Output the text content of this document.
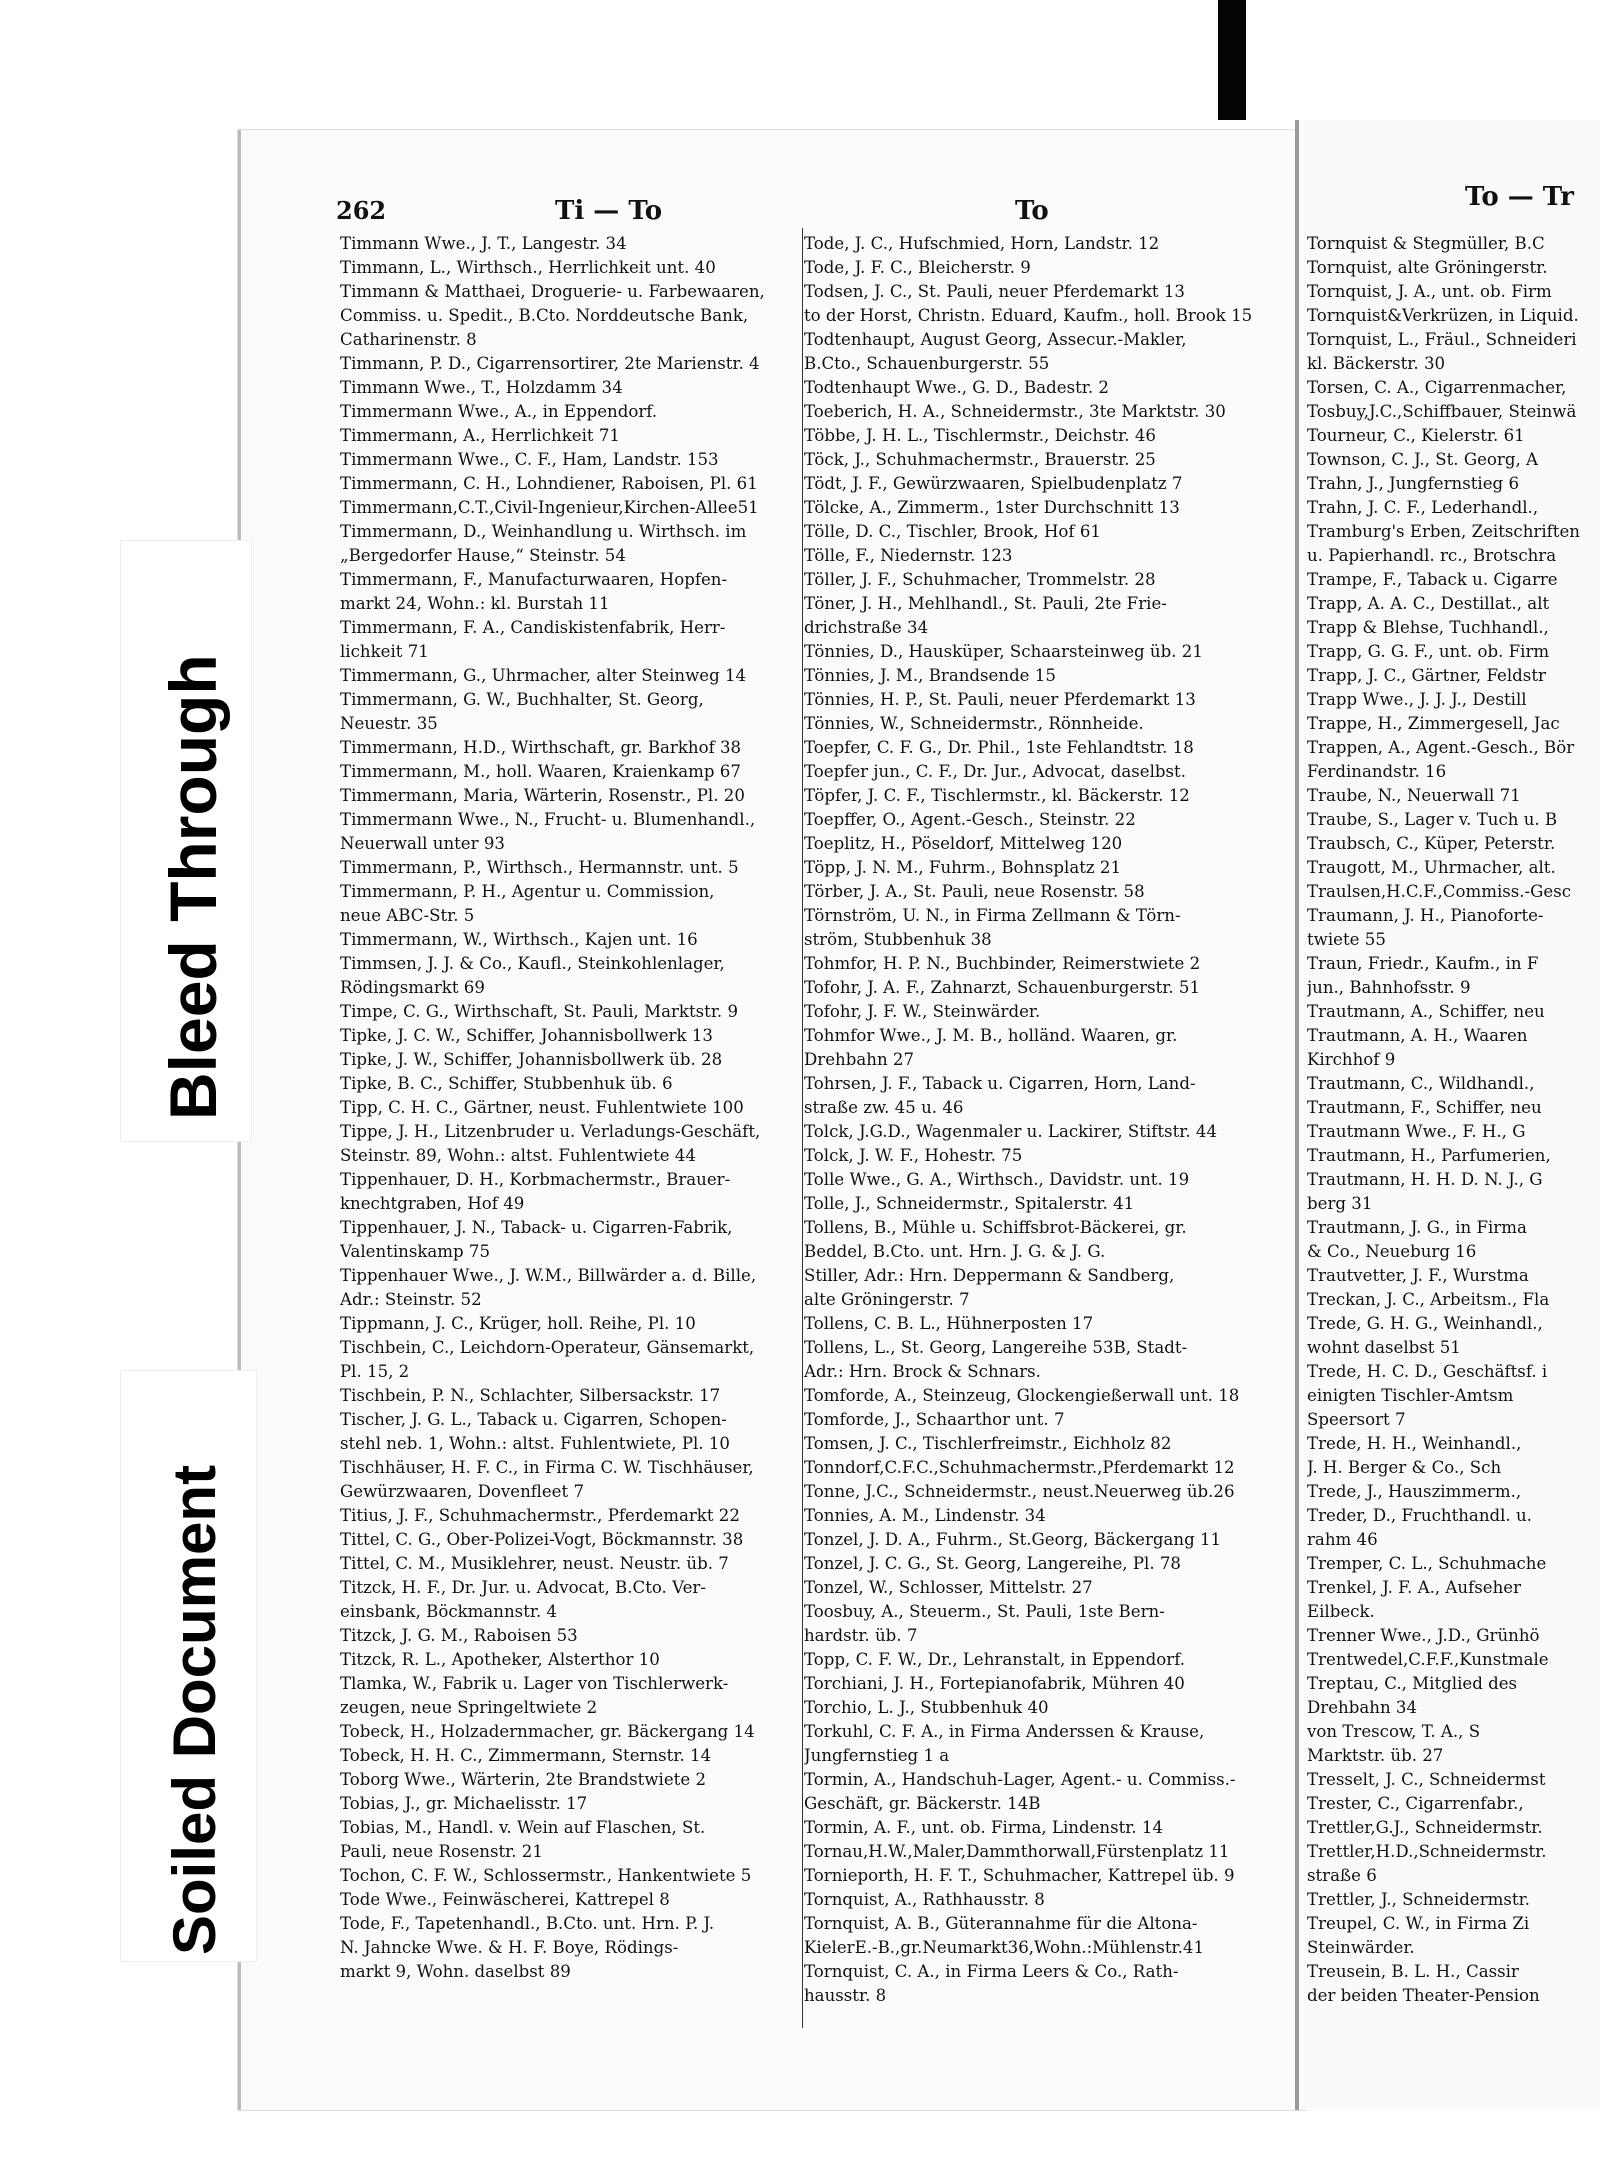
Bleed Through
Soiled Document
262	Ti — To	To	To — Tr
Timmann Wwe., J. T., Langestr. 34
Timmann, L., Wirthsch., Herrlichkeit unt. 40
Timmann & Matthaei, Droguerie- u. Farbewaaren,
Commiss. u. Spedit., B.Cto. Norddeutsche Bank,
Catharinenstr. 8
Timmann, P. D., Cigarrensortirer, 2te Marienstr. 4
Timmann Wwe., T., Holzdamm 34
Timmermann Wwe., A., in Eppendorf.
Timmermann, A., Herrlichkeit 71
Timmermann Wwe., C. F., Ham, Landstr. 153
Timmermann, C. H., Lohndiener, Raboisen, Pl. 61
Timmermann,C.T.,Civil-Ingenieur,Kirchen-Allee51
Timmermann, D., Weinhandlung u. Wirthsch. im
„Bergedorfer Hause,“ Steinstr. 54
Timmermann, F., Manufacturwaaren, Hopfen-
markt 24, Wohn.: kl. Burstah 11
Timmermann, F. A., Candiskistenfabrik, Herr-
lichkeit 71
Timmermann, G., Uhrmacher, alter Steinweg 14
Timmermann, G. W., Buchhalter, St. Georg,
Neuestr. 35
Timmermann, H.D., Wirthschaft, gr. Barkhof 38
Timmermann, M., holl. Waaren, Kraienkamp 67
Timmermann, Maria, Wärterin, Rosenstr., Pl. 20
Timmermann Wwe., N., Frucht- u. Blumenhandl.,
Neuerwall unter 93
Timmermann, P., Wirthsch., Hermannstr. unt. 5
Timmermann, P. H., Agentur u. Commission,
neue ABC-Str. 5
Timmermann, W., Wirthsch., Kajen unt. 16
Timmsen, J. J. & Co., Kaufl., Steinkohlenlager,
Rödingsmarkt 69
Timpe, C. G., Wirthschaft, St. Pauli, Marktstr. 9
Tipke, J. C. W., Schiffer, Johannisbollwerk 13
Tipke, J. W., Schiffer, Johannisbollwerk üb. 28
Tipke, B. C., Schiffer, Stubbenhuk üb. 6
Tipp, C. H. C., Gärtner, neust. Fuhlentwiete 100
Tippe, J. H., Litzenbruder u. Verladungs-Geschäft,
Steinstr. 89, Wohn.: altst. Fuhlentwiete 44
Tippenhauer, D. H., Korbmachermstr., Brauer-
knechtgraben, Hof 49
Tippenhauer, J. N., Taback- u. Cigarren-Fabrik,
Valentinskamp 75
Tippenhauer Wwe., J. W.M., Billwärder a. d. Bille,
Adr.: Steinstr. 52
Tippmann, J. C., Krüger, holl. Reihe, Pl. 10
Tischbein, C., Leichdorn-Operateur, Gänsemarkt,
Pl. 15, 2
Tischbein, P. N., Schlachter, Silbersackstr. 17
Tischer, J. G. L., Taback u. Cigarren, Schopen-
stehl neb. 1, Wohn.: altst. Fuhlentwiete, Pl. 10
Tischhäuser, H. F. C., in Firma C. W. Tischhäuser,
Gewürzwaaren, Dovenfleet 7
Titius, J. F., Schuhmachermstr., Pferdemarkt 22
Tittel, C. G., Ober-Polizei-Vogt, Böckmannstr. 38
Tittel, C. M., Musiklehrer, neust. Neustr. üb. 7
Titzck, H. F., Dr. Jur. u. Advocat, B.Cto. Ver-
einsbank, Böckmannstr. 4
Titzck, J. G. M., Raboisen 53
Titzck, R. L., Apotheker, Alsterthor 10
Tlamka, W., Fabrik u. Lager von Tischlerwerk-
zeugen, neue Springeltwiete 2
Tobeck, H., Holzadernmacher, gr. Bäckergang 14
Tobeck, H. H. C., Zimmermann, Sternstr. 14
Toborg Wwe., Wärterin, 2te Brandstwiete 2
Tobias, J., gr. Michaelisstr. 17
Tobias, M., Handl. v. Wein auf Flaschen, St.
Pauli, neue Rosenstr. 21
Tochon, C. F. W., Schlossermstr., Hankentwiete 5
Tode Wwe., Feinwäscherei, Kattrepel 8
Tode, F., Tapetenhandl., B.Cto. unt. Hrn. P. J.
N. Jahncke Wwe. & H. F. Boye, Rödings-
markt 9, Wohn. daselbst 89
Tode, J. C., Hufschmied, Horn, Landstr. 12
Tode, J. F. C., Bleicherstr. 9
Todsen, J. C., St. Pauli, neuer Pferdemarkt 13
to der Horst, Christn. Eduard, Kaufm., holl. Brook 15
Todtenhaupt, August Georg, Assecur.-Makler,
B.Cto., Schauenburgerstr. 55
Todtenhaupt Wwe., G. D., Badestr. 2
Toeberich, H. A., Schneidermstr., 3te Marktstr. 30
Többe, J. H. L., Tischlermstr., Deichstr. 46
Töck, J., Schuhmachermstr., Brauerstr. 25
Tödt, J. F., Gewürzwaaren, Spielbudenplatz 7
Tölcke, A., Zimmerm., 1ster Durchschnitt 13
Tölle, D. C., Tischler, Brook, Hof 61
Tölle, F., Niedernstr. 123
Töller, J. F., Schuhmacher, Trommelstr. 28
Töner, J. H., Mehlhandl., St. Pauli, 2te Frie-
drichstraße 34
Tönnies, D., Hausküper, Schaarsteinweg üb. 21
Tönnies, J. M., Brandsende 15
Tönnies, H. P., St. Pauli, neuer Pferdemarkt 13
Tönnies, W., Schneidermstr., Rönnheide.
Toepfer, C. F. G., Dr. Phil., 1ste Fehlandtstr. 18
Toepfer jun., C. F., Dr. Jur., Advocat, daselbst.
Töpfer, J. C. F., Tischlermstr., kl. Bäckerstr. 12
Toepffer, O., Agent.-Gesch., Steinstr. 22
Toeplitz, H., Pöseldorf, Mittelweg 120
Töpp, J. N. M., Fuhrm., Bohnsplatz 21
Törber, J. A., St. Pauli, neue Rosenstr. 58
Törnström, U. N., in Firma Zellmann & Törn-
ström, Stubbenhuk 38
Tohmfor, H. P. N., Buchbinder, Reimerstwiete 2
Tofohr, J. A. F., Zahnarzt, Schauenburgerstr. 51
Tofohr, J. F. W., Steinwärder.
Tohmfor Wwe., J. M. B., holländ. Waaren, gr.
Drehbahn 27
Tohrsen, J. F., Taback u. Cigarren, Horn, Land-
straße zw. 45 u. 46
Tolck, J.G.D., Wagenmaler u. Lackirer, Stiftstr. 44
Tolck, J. W. F., Hohestr. 75
Tolle Wwe., G. A., Wirthsch., Davidstr. unt. 19
Tolle, J., Schneidermstr., Spitalerstr. 41
Tollens, B., Mühle u. Schiffsbrot-Bäckerei, gr.
Beddel, B.Cto. unt. Hrn. J. G. & J. G.
Stiller, Adr.: Hrn. Deppermann & Sandberg,
alte Gröningerstr. 7
Tollens, C. B. L., Hühnerposten 17
Tollens, L., St. Georg, Langereihe 53B, Stadt-
Adr.: Hrn. Brock & Schnars.
Tomforde, A., Steinzeug, Glockengießerwall unt. 18
Tomforde, J., Schaarthor unt. 7
Tomsen, J. C., Tischlerfreimstr., Eichholz 82
Tonndorf,C.F.C.,Schuhmachermstr.,Pferdemarkt 12
Tonne, J.C., Schneidermstr., neust.Neuerweg üb.26
Tonnies, A. M., Lindenstr. 34
Tonzel, J. D. A., Fuhrm., St.Georg, Bäckergang 11
Tonzel, J. C. G., St. Georg, Langereihe, Pl. 78
Tonzel, W., Schlosser, Mittelstr. 27
Toosbuy, A., Steuerm., St. Pauli, 1ste Bern-
hardstr. üb. 7
Topp, C. F. W., Dr., Lehranstalt, in Eppendorf.
Torchiani, J. H., Fortepianofabrik, Mühren 40
Torchio, L. J., Stubbenhuk 40
Torkuhl, C. F. A., in Firma Anderssen & Krause,
Jungfernstieg 1 a
Tormin, A., Handschuh-Lager, Agent.- u. Commiss.-
Geschäft, gr. Bäckerstr. 14B
Tormin, A. F., unt. ob. Firma, Lindenstr. 14
Tornau,H.W.,Maler,Dammthorwall,Fürstenplatz 11
Tornieporth, H. F. T., Schuhmacher, Kattrepel üb. 9
Tornquist, A., Rathhausstr. 8
Tornquist, A. B., Güterannahme für die Altona-
KielerE.-B.,gr.Neumarkt36,Wohn.:Mühlenstr.41
Tornquist, C. A., in Firma Leers & Co., Rath-
hausstr. 8
Tornquist & Stegmüller, B.C
Tornquist, alte Gröningerstr.
Tornquist, J. A., unt. ob. Firm
Tornquist&Verkrüzen, in Liquid.
Tornquist, L., Fräul., Schneideri
kl. Bäckerstr. 30
Torsen, C. A., Cigarrenmacher,
Tosbuy,J.C.,Schiffbauer, Steinwä
Tourneur, C., Kielerstr. 61
Townson, C. J., St. Georg, A
Trahn, J., Jungfernstieg 6
Trahn, J. C. F., Lederhandl.,
Tramburg's Erben, Zeitschriften
u. Papierhandl. rc., Brotschra
Trampe, F., Taback u. Cigarre
Trapp, A. A. C., Destillat., alt
Trapp & Blehse, Tuchhandl.,
Trapp, G. G. F., unt. ob. Firm
Trapp, J. C., Gärtner, Feldstr
Trapp Wwe., J. J. J., Destill
Trappe, H., Zimmergesell, Jac
Trappen, A., Agent.-Gesch., Bör
Ferdinandstr. 16
Traube, N., Neuerwall 71
Traube, S., Lager v. Tuch u. B
Traubsch, C., Küper, Peterstr.
Traugott, M., Uhrmacher, alt.
Traulsen,H.C.F.,Commiss.-Gesc
Traumann, J. H., Pianoforte-
twiete 55
Traun, Friedr., Kaufm., in F
jun., Bahnhofsstr. 9
Trautmann, A., Schiffer, neu
Trautmann, A. H., Waaren
Kirchhof 9
Trautmann, C., Wildhandl.,
Trautmann, F., Schiffer, neu
Trautmann Wwe., F. H., G
Trautmann, H., Parfumerien,
Trautmann, H. H. D. N. J., G
berg 31
Trautmann, J. G., in Firma
& Co., Neueburg 16
Trautvetter, J. F., Wurstma
Treckan, J. C., Arbeitsm., Fla
Trede, G. H. G., Weinhandl.,
wohnt daselbst 51
Trede, H. C. D., Geschäftsf. i
einigten Tischler-Amtsm
Speersort 7
Trede, H. H., Weinhandl.,
J. H. Berger & Co., Sch
Trede, J., Hauszimmerm.,
Treder, D., Fruchthandl. u.
rahm 46
Tremper, C. L., Schuhmache
Trenkel, J. F. A., Aufseher
Eilbeck.
Trenner Wwe., J.D., Grünhö
Trentwedel,C.F.F.,Kunstmale
Treptau, C., Mitglied des
Drehbahn 34
von Trescow, T. A., S
Marktstr. üb. 27
Tresselt, J. C., Schneidermst
Trester, C., Cigarrenfabr.,
Trettler,G.J., Schneidermstr.
Trettler,H.D.,Schneidermstr.
straße 6
Trettler, J., Schneidermstr.
Treupel, C. W., in Firma Zi
Steinwärder.
Treusein, B. L. H., Cassir
der beiden Theater-Pension
